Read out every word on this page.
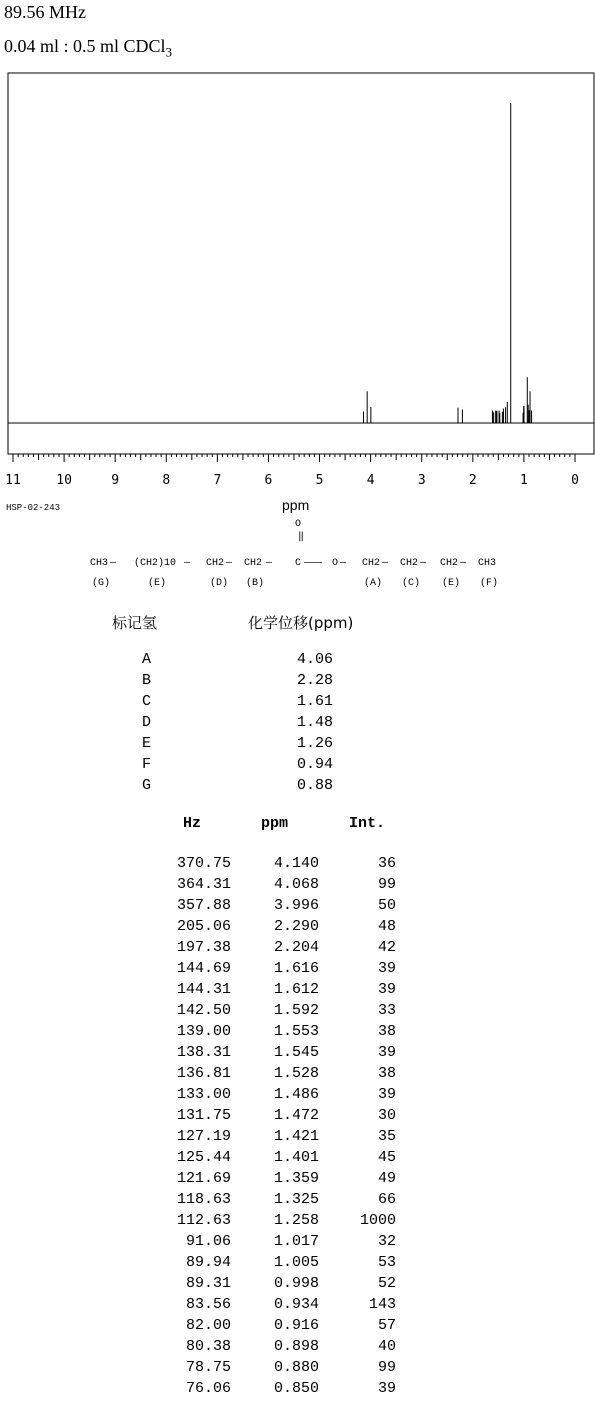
89.56 MHz
0.04 ml : 0.5 ml CDCl$_3$
11	10	9	8	7	6	5	4	3	2	1	0
HSP-02-243	ppm
O
‖
CH3 — (CH2)10 — CH2 — CH2 — C ——— O — CH2 — CH2 — CH2 — CH3
(G)	(E)	(D) (B)	(A) (C) (E) (F)
标记氢	化学位移(ppm)
A	4.06
B	2.28
C	1.61
D	1.48
E	1.26
F	0.94
G	0.88
Hz	ppm	Int.
370.75	4.140	36
364.31	4.068	99
357.88	3.996	50
205.06	2.290	48
197.38	2.204	42
144.69	1.616	39
144.31	1.612	39
142.50	1.592	33
139.00	1.553	38
138.31	1.545	39
136.81	1.528	38
133.00	1.486	39
131.75	1.472	30
127.19	1.421	35
125.44	1.401	45
121.69	1.359	49
118.63	1.325	66
112.63	1.258	1000
91.06	1.017	32
89.94	1.005	53
89.31	0.998	52
83.56	0.934	143
82.00	0.916	57
80.38	0.898	40
78.75	0.880	99
76.06	0.850	39
